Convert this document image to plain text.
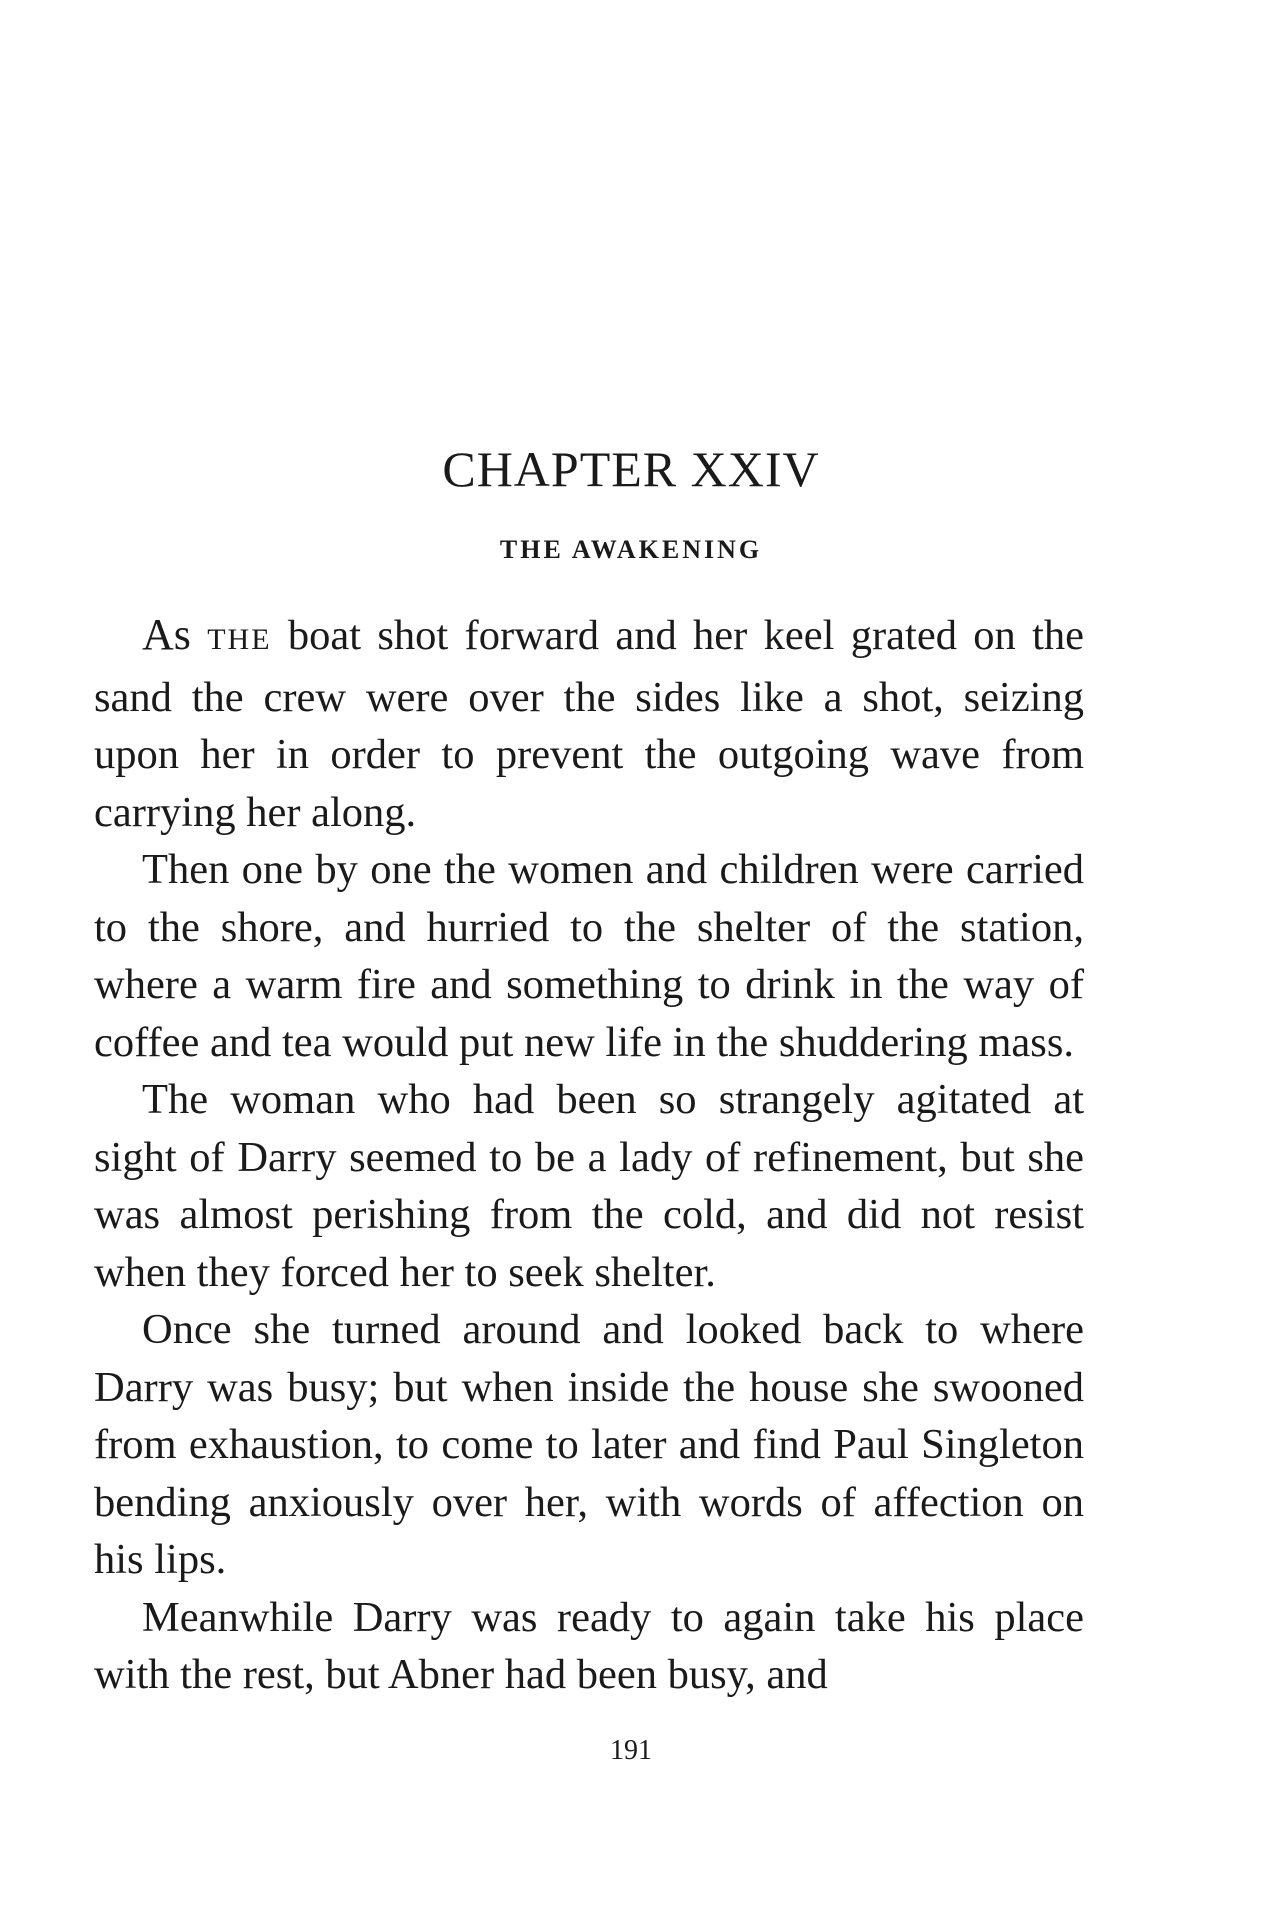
CHAPTER XXIV
THE AWAKENING

As THE boat shot forward and her keel grated on the sand the crew were over the sides like a shot, seizing upon her in order to prevent the outgoing wave from carrying her along.

Then one by one the women and children were carried to the shore, and hurried to the shelter of the station, where a warm fire and something to drink in the way of coffee and tea would put new life in the shuddering mass.

The woman who had been so strangely agitated at sight of Darry seemed to be a lady of refinement, but she was almost perishing from the cold, and did not resist when they forced her to seek shelter.

Once she turned around and looked back to where Darry was busy; but when inside the house she swooned from exhaustion, to come to later and find Paul Singleton bending anxiously over her, with words of affection on his lips.

Meanwhile Darry was ready to again take his place with the rest, but Abner had been busy, and

191
